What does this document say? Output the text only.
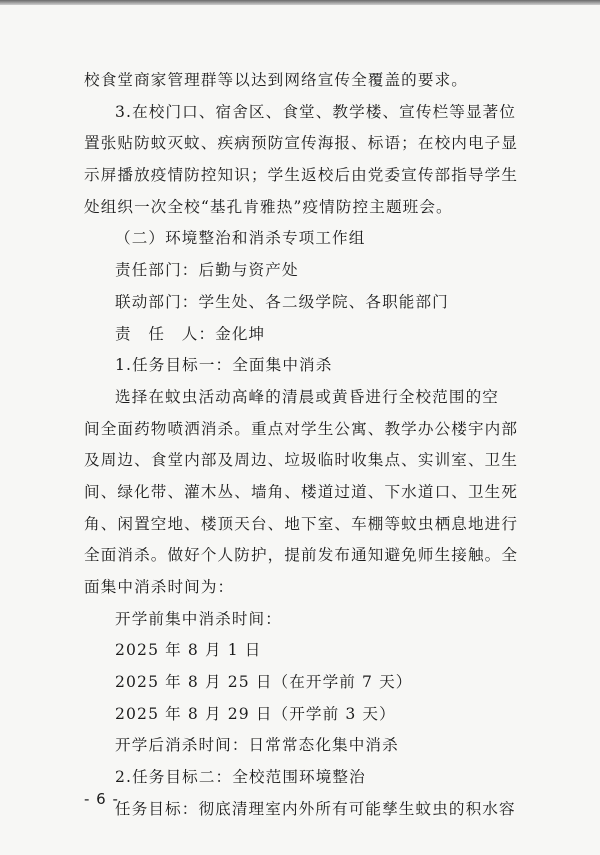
校食堂商家管理群等以达到网络宣传全覆盖的要求。
3.在校门口、宿舍区、食堂、教学楼、宣传栏等显著位
置张贴防蚊灭蚊、疾病预防宣传海报、标语；在校内电子显
示屏播放疫情防控知识；学生返校后由党委宣传部指导学生
处组织一次全校“基孔肯雅热”疫情防控主题班会。
（二）环境整治和消杀专项工作组
责任部门：后勤与资产处
联动部门：学生处、各二级学院、各职能部门
责　任　人：金化坤
1.任务目标一：全面集中消杀
选择在蚊虫活动高峰的清晨或黄昏进行全校范围的空
间全面药物喷洒消杀。重点对学生公寓、教学办公楼宇内部
及周边、食堂内部及周边、垃圾临时收集点、实训室、卫生
间、绿化带、灌木丛、墙角、楼道过道、下水道口、卫生死
角、闲置空地、楼顶天台、地下室、车棚等蚊虫栖息地进行
全面消杀。做好个人防护，提前发布通知避免师生接触。全
面集中消杀时间为：
开学前集中消杀时间：
2025 年 8 月 1 日
2025 年 8 月 25 日（在开学前 7 天）
2025 年 8 月 29 日（开学前 3 天）
开学后消杀时间：日常常态化集中消杀
2.任务目标二：全校范围环境整治
任务目标：彻底清理室内外所有可能孳生蚊虫的积水容
- 6 -
